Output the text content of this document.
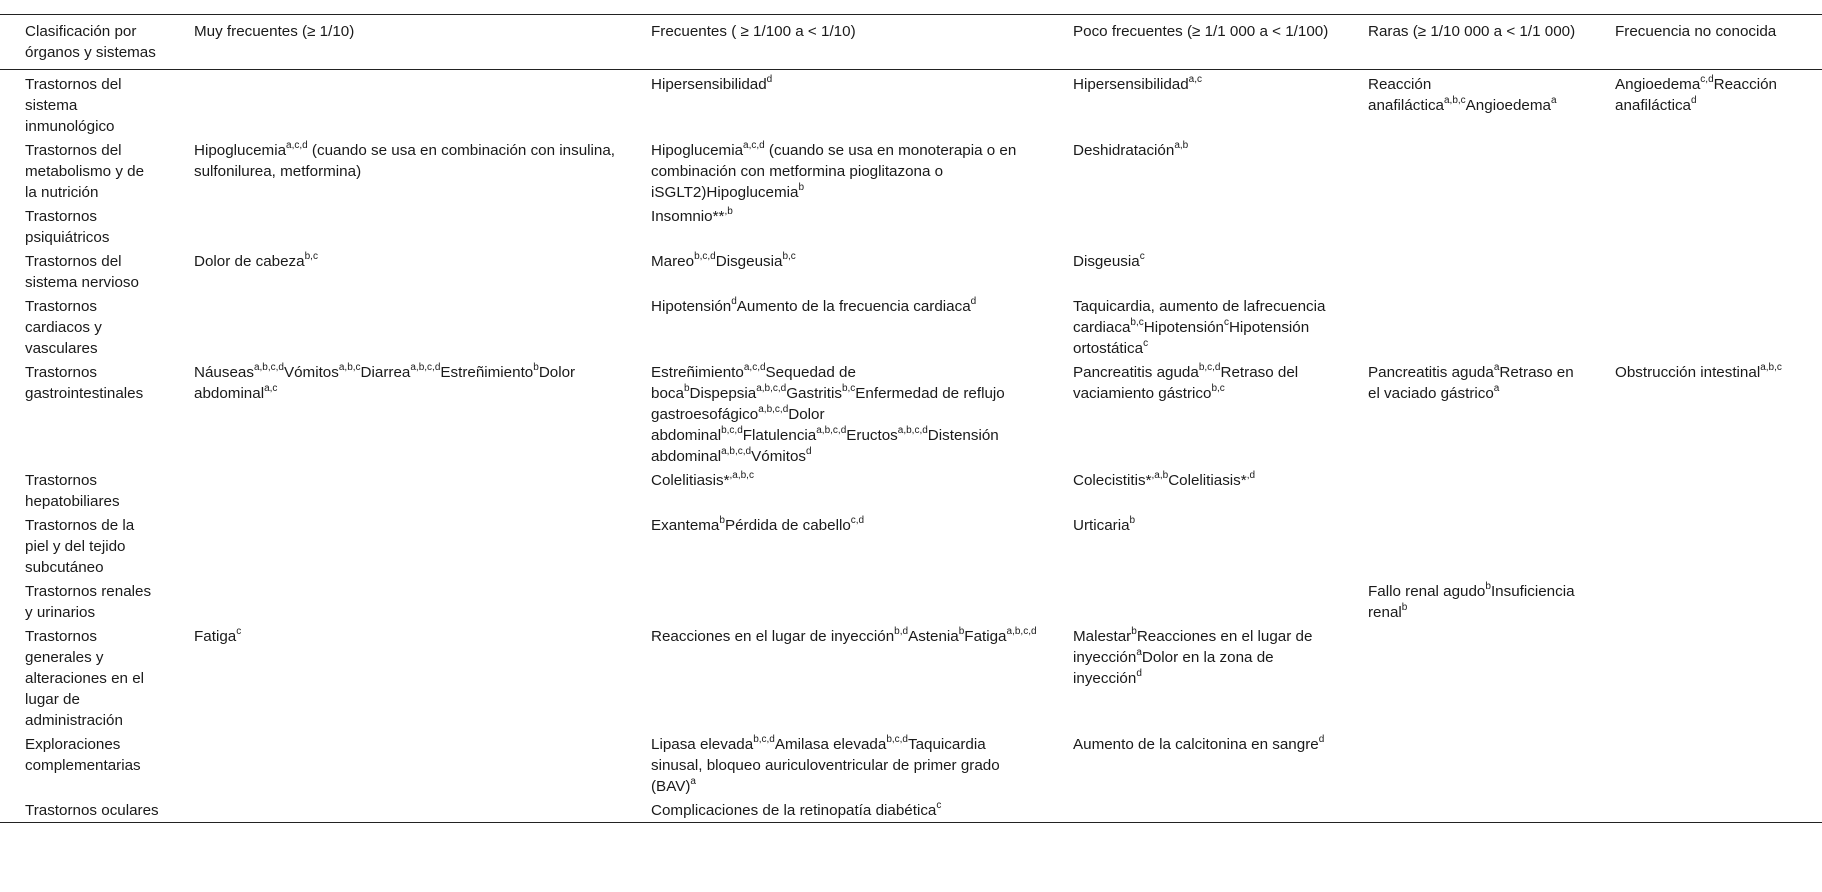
Clasificación por órganos y sistemas	Muy frecuentes (≥ 1/10)	Frecuentes ( ≥ 1/100 a < 1/10)	Poco frecuentes (≥ 1/1 000 a < 1/100)	Raras (≥ 1/10 000 a < 1/1 000)	Frecuencia no conocida
Trastornos del sistema inmunológico		Hipersensibilidad$^d$	Hipersensibilidad$^{a,c}$	Reacción anafiláctica$^{a,b,c}$Angioedema$^a$	Angioedema$^{c,d}$Reacción anafiláctica$^d$
Trastornos del metabolismo y de la nutrición	Hipoglucemia$^{a,c,d}$ (cuando se usa en combinación con insulina, sulfonilurea, metformina)	Hipoglucemia$^{a,c,d}$ (cuando se usa en monoterapia o en combinación con metformina pioglitazona o iSGLT2)Hipoglucemia$^b$	Deshidratación$^{a,b}$		
Trastornos psiquiátricos		Insomnio**$^{,b}$			
Trastornos del sistema nervioso	Dolor de cabeza$^{b,c}$	Mareo$^{b,c,d}$Disgeusia$^{b,c}$	Disgeusia$^c$		
Trastornos cardiacos y vasculares		Hipotensión$^d$Aumento de la frecuencia cardiaca$^d$	Taquicardia, aumento de lafrecuencia cardiaca$^{b,c}$Hipotensión$^c$Hipotensión ortostática$^c$		
Trastornos gastrointestinales	Náuseas$^{a,b,c,d}$Vómitos$^{a,b,c}$Diarrea$^{a,b,c,d}$Estreñimiento$^b$Dolor abdominal$^{a,c}$	Estreñimiento$^{a,c,d}$Sequedad de boca$^b$Dispepsia$^{a,b,c,d}$Gastritis$^{b,c}$Enfermedad de reflujo gastroesofágico$^{a,b,c,d}$Dolor abdominal$^{b,c,d}$Flatulencia$^{a,b,c,d}$Eructos$^{a,b,c,d}$Distensión abdominal$^{a,b,c,d}$Vómitos$^d$	Pancreatitis aguda$^{b,c,d}$Retraso del vaciamiento gástrico$^{b,c}$	Pancreatitis aguda$^a$Retraso en el vaciado gástrico$^a$	Obstrucción intestinal$^{a,b,c}$
Trastornos hepatobiliares		Colelitiasis*$^{,a,b,c}$	Colecistitis*$^{,a,b}$Colelitiasis*$^{,d}$		
Trastornos de la piel y del tejido subcutáneo		Exantema$^b$Pérdida de cabello$^{c,d}$	Urticaria$^b$		
Trastornos renales y urinarios				Fallo renal agudo$^b$Insuficiencia renal$^b$	
Trastornos generales y alteraciones en el lugar de administración	Fatiga$^c$	Reacciones en el lugar de inyección$^{b,d}$Astenia$^b$Fatiga$^{a,b,c,d}$	Malestar$^b$Reacciones en el lugar de inyección$^a$Dolor en la zona de inyección$^d$		
Exploraciones complementarias		Lipasa elevada$^{b,c,d}$Amilasa elevada$^{b,c,d}$Taquicardia sinusal, bloqueo auriculoventricular de primer grado (BAV)$^a$	Aumento de la calcitonina en sangre$^d$		
Trastornos oculares		Complicaciones de la retinopatía diabética$^c$			
